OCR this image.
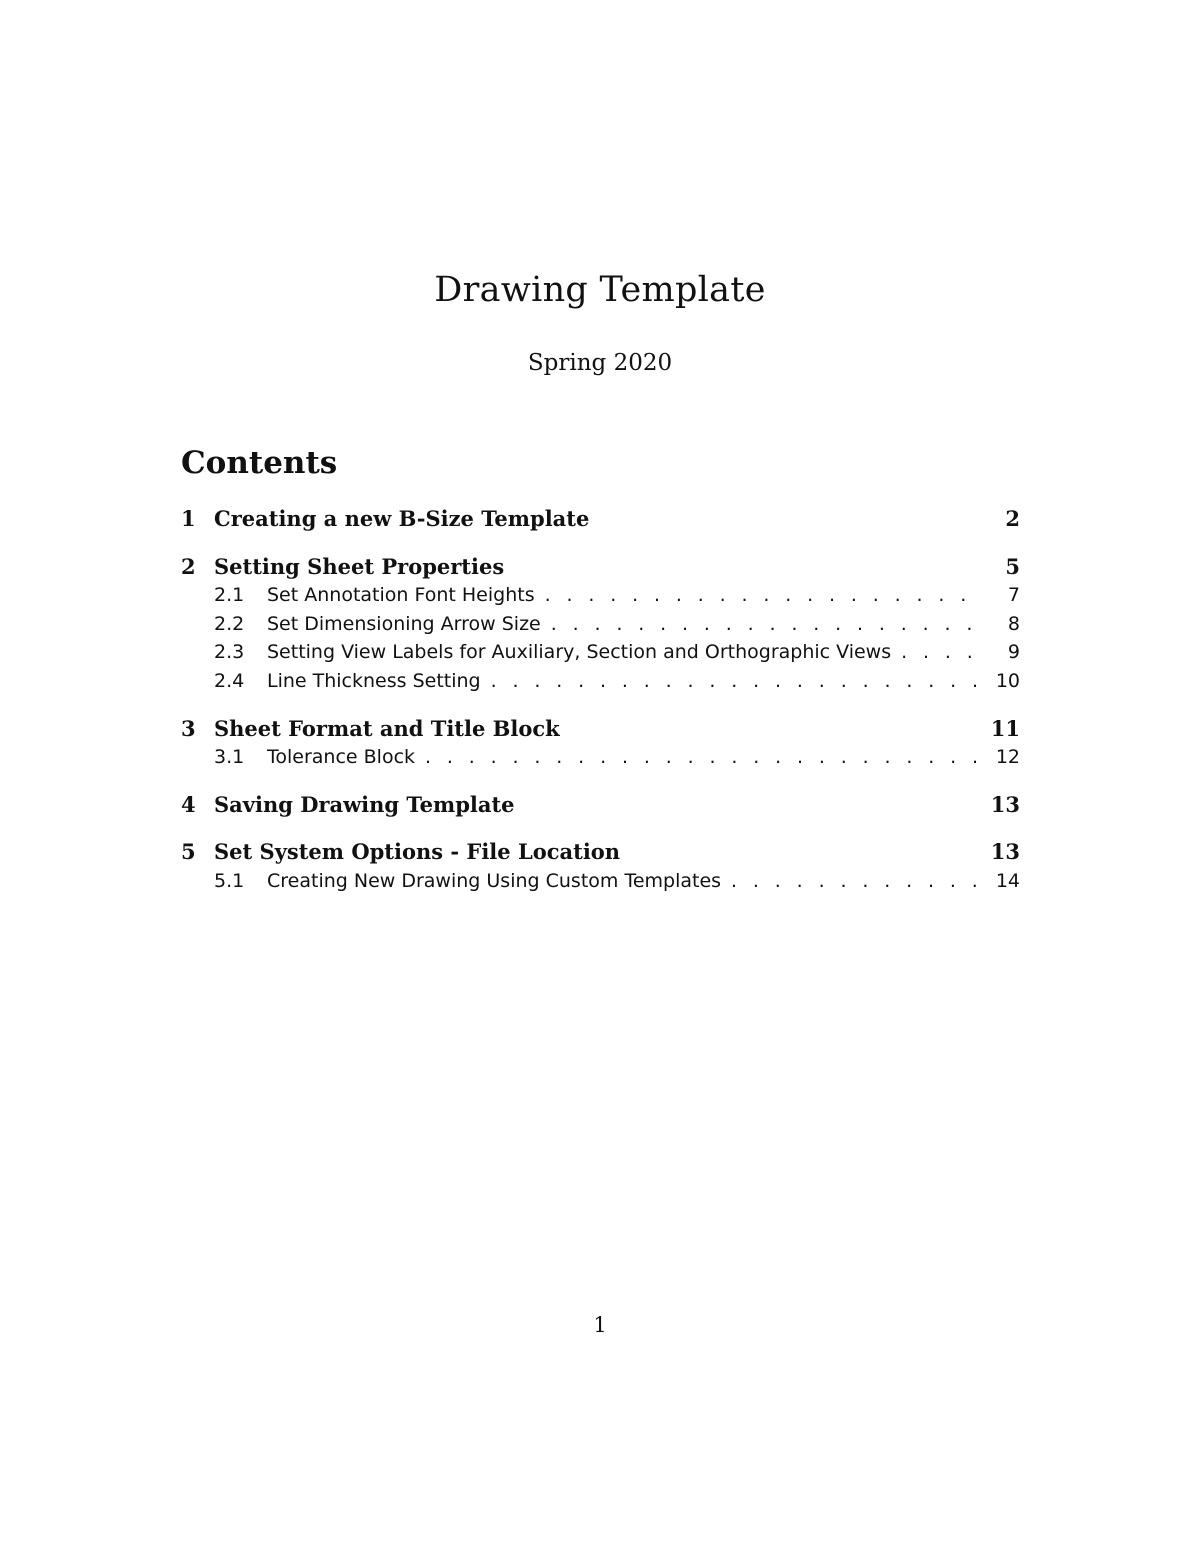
Drawing Template
Spring 2020
Contents
1 Creating a new B-Size Template	2
2 Setting Sheet Properties	5
2.1	Set Annotation Font Heights . . .	7
2.2	Set Dimensioning Arrow Size . . .	8
2.3	Setting View Labels for Auxiliary, Section and Orthographic Views . . .	9
2.4	Line Thickness Setting . . .	10
3 Sheet Format and Title Block	11
3.1	Tolerance Block . . .	12
4 Saving Drawing Template	13
5 Set System Options - File Location	13
5.1	Creating New Drawing Using Custom Templates . . .	14
1
